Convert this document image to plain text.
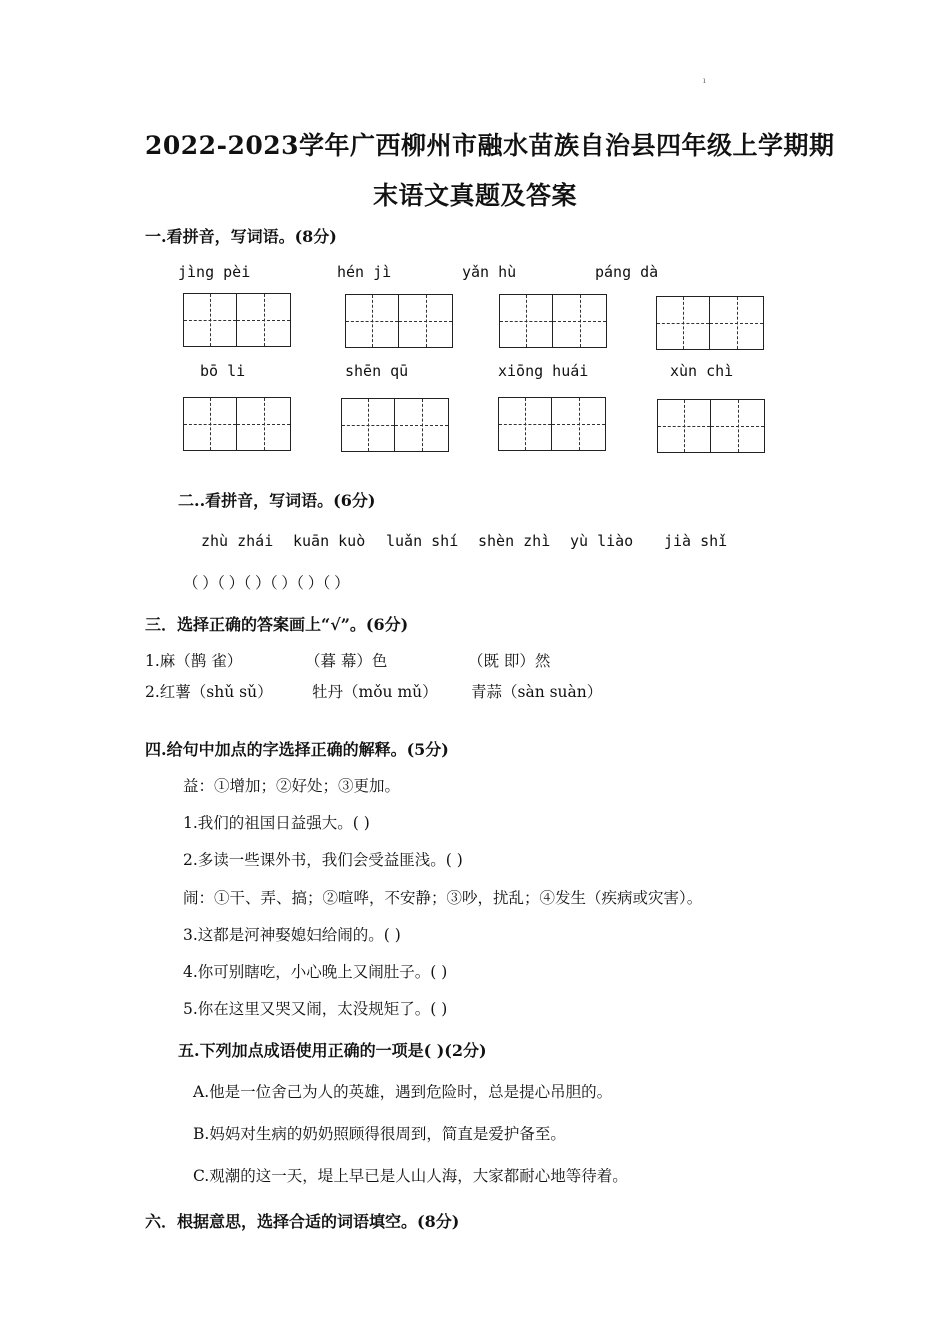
ı
2022-2023学年广西柳州市融水苗族自治县四年级上学期期
末语文真题及答案
一.看拼音，写词语。(8分)
jìng pèi	hén jì	yǎn hù	páng dà
bō li	shēn qū	xiōng huái	xùn chì
二..看拼音，写词语。(6分)
zhù zhái kuān kuò luǎn shí shèn zhì yù liào jià shǐ
（ ）（ ）（ ）（ ）（ ）（ ）
三．选择正确的答案画上“√”。(6分)
1.麻（鹊 雀）	（暮 幕）色	（既 即）然
2.红薯（shǔ sǔ）	牡丹（mǒu mǔ） 青蒜（sàn suàn）
四.给句中加点的字选择正确的解释。(5分)
益：①增加；②好处；③更加。
1.我们的祖国日益强大。( )
2.多读一些课外书，我们会受益匪浅。( )
闹：①干、弄、搞；②喧哗，不安静；③吵，扰乱；④发生（疾病或灾害）。
3.这都是河神娶媳妇给闹的。( )
4.你可别瞎吃，小心晚上又闹肚子。( )
5.你在这里又哭又闹，太没规矩了。( )
五.下列加点成语使用正确的一项是( )(2分)
A.他是一位舍己为人的英雄，遇到危险时，总是提心吊胆的。
B.妈妈对生病的奶奶照顾得很周到，简直是爱护备至。
C.观潮的这一天，堤上早已是人山人海，大家都耐心地等待着。
六．根据意思，选择合适的词语填空。(8分)
